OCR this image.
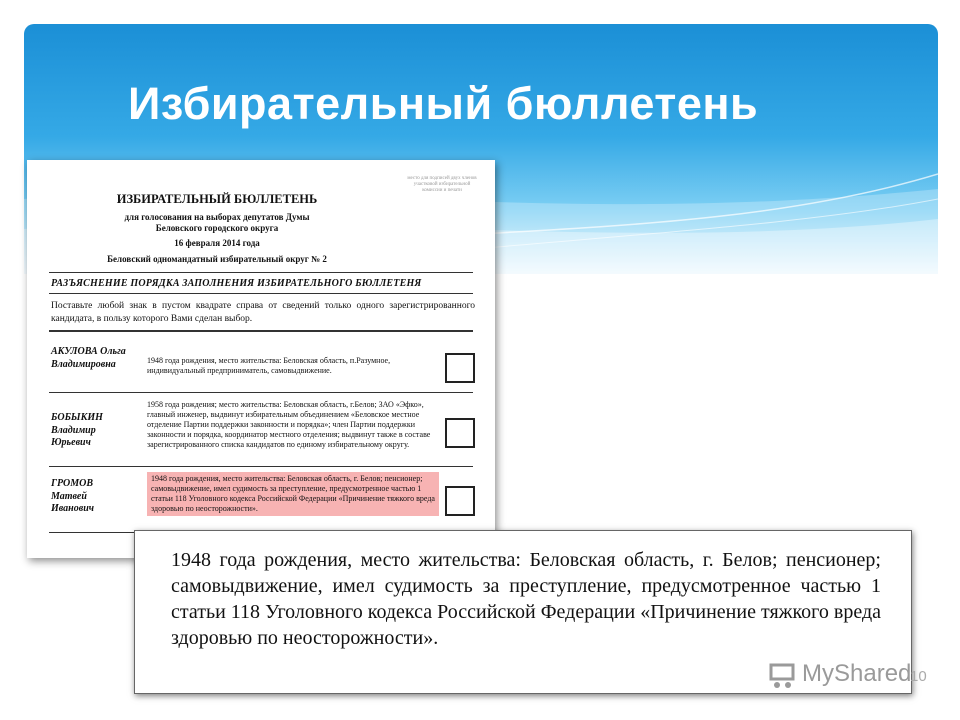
Избирательный бюллетень
место для подписей двух членов участковой избирательной комиссии и печати
ИЗБИРАТЕЛЬНЫЙ БЮЛЛЕТЕНЬ
для голосования на выборах депутатов Думы Беловского городского округа
16 февраля 2014 года
Беловский одномандатный избирательный округ № 2
РАЗЪЯСНЕНИЕ ПОРЯДКА ЗАПОЛНЕНИЯ ИЗБИРАТЕЛЬНОГО БЮЛЛЕТЕНЯ
Поставьте любой знак в пустом квадрате справа от сведений только одного зарегистрированного кандидата, в пользу которого Вами сделан выбор.
АКУЛОВА Ольга Владимировна	1948 года рождения, место жительства: Беловская область, п.Разумное, индивидуальный предприниматель, самовыдвижение.
БОБЫКИН Владимир Юрьевич
1958 года рождения; место жительства: Беловская область, г.Белов; ЗАО «Эфко», главный инженер, выдвинут избирательным объединением «Беловское местное отделение Партии поддержки законности и порядка»; член Партии поддержки законности и порядка, координатор местного отделения; выдвинут также в составе зарегистрированного списка кандидатов по единому избирательному округу.
ГРОМОВ Матвей Иванович
1948 года рождения, место жительства: Беловская область, г. Белов; пенсионер; самовыдвижение, имел судимость за преступление, предусмотренное частью 1 статьи 118 Уголовного кодекса Российской Федерации «Причинение тяжкого вреда здоровью по неосторожности».
1948 года рождения, место жительства: Беловская область, г. Белов; пенсионер; самовыдвижение, имел судимость за преступление, предусмотренное частью 1 статьи 118 Уголовного кодекса Российской Федерации «Причинение тяжкого вреда здоровью по неосторожности».
MyShared
10
